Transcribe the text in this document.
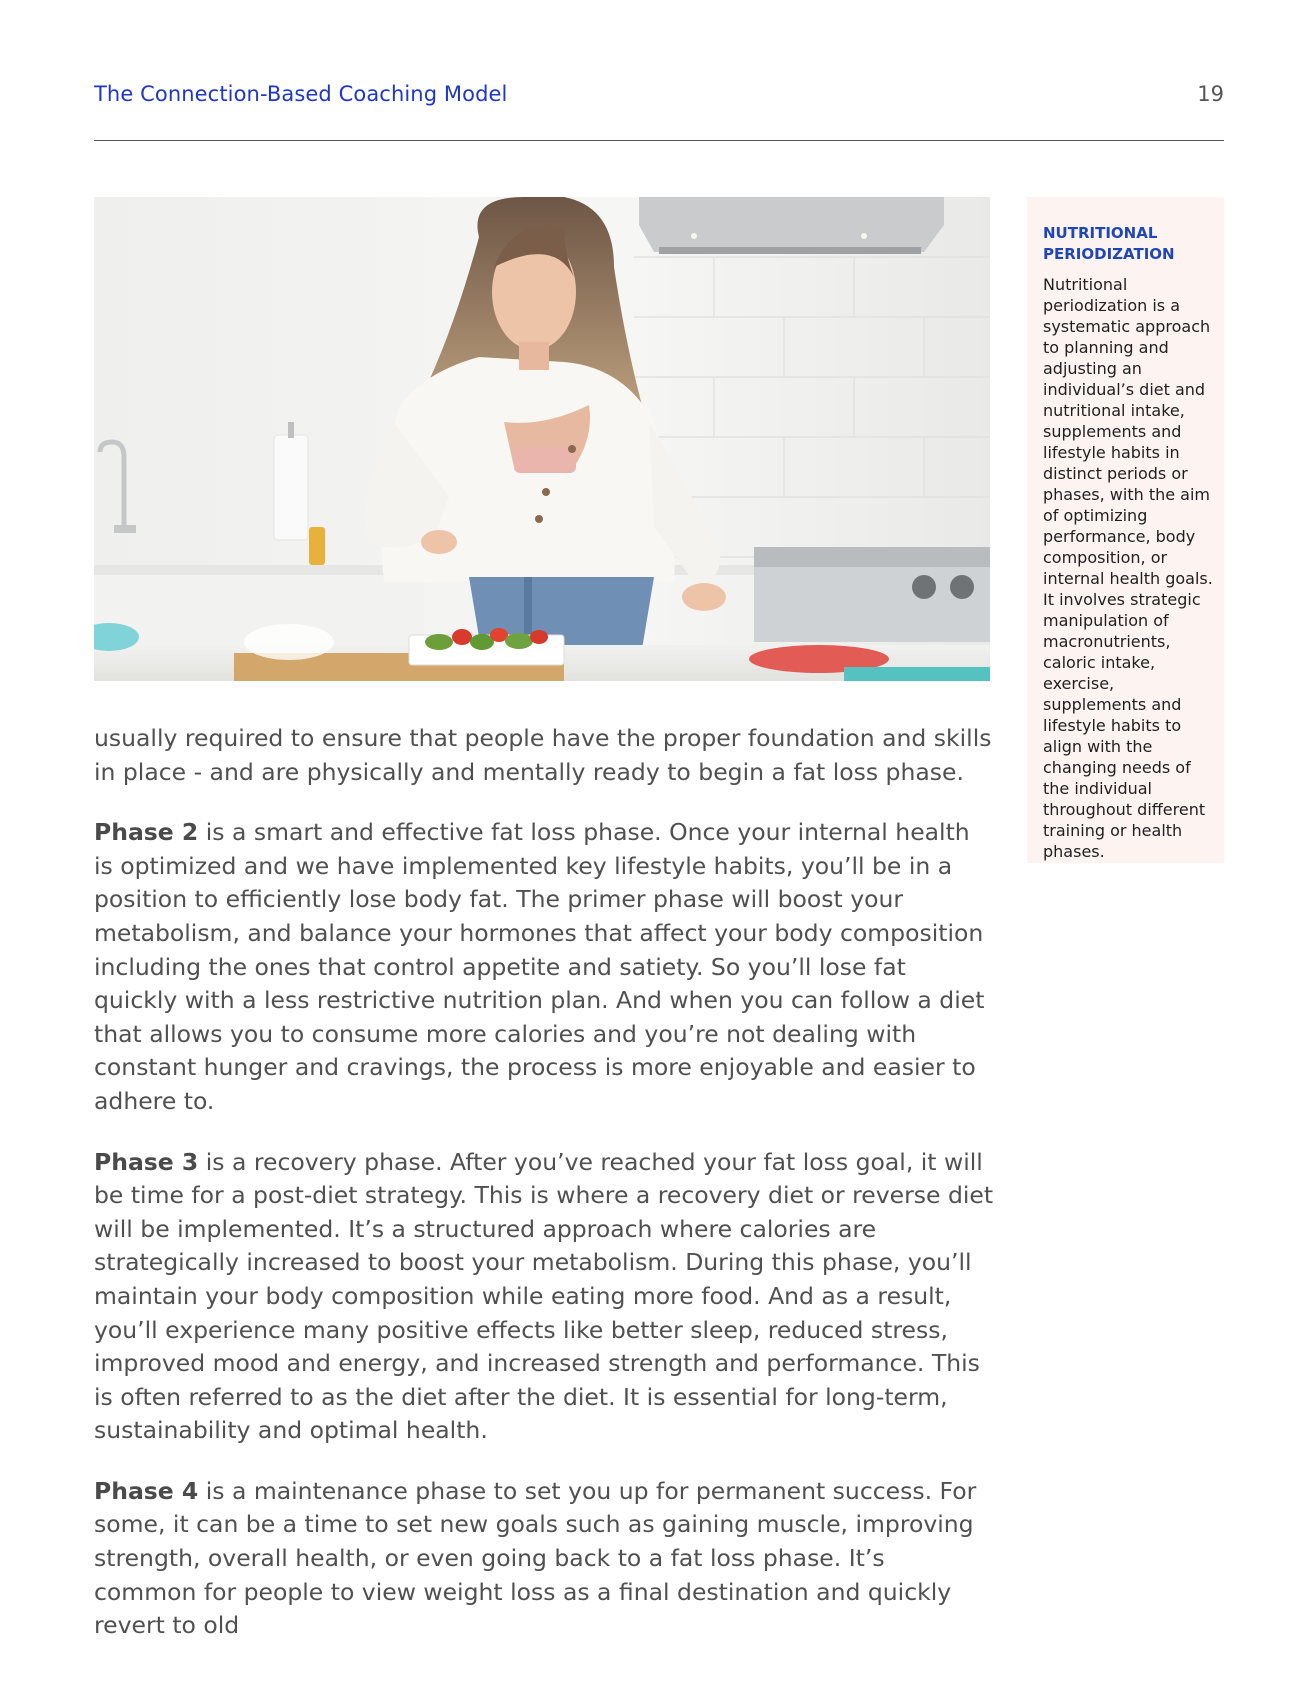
The Connection-Based Coaching Model	19
NUTRITIONAL PERIODIZATION

Nutritional periodization is a systematic approach to planning and adjusting an individual’s diet and nutritional intake, supplements and lifestyle habits in distinct periods or phases, with the aim of optimizing performance, body composition, or internal health goals. It involves strategic manipulation of macronutrients, caloric intake, exercise, supplements and lifestyle habits to align with the changing needs of the individual throughout different training or health phases.

usually required to ensure that people have the proper foundation and skills in place - and are physically and mentally ready to begin a fat loss phase.

Phase 2 is a smart and effective fat loss phase. Once your internal health is optimized and we have implemented key lifestyle habits, you’ll be in a position to efficiently lose body fat. The primer phase will boost your metabolism, and balance your hormones that affect your body composition including the ones that control appetite and satiety. So you’ll lose fat quickly with a less restrictive nutrition plan. And when you can follow a diet that allows you to consume more calories and you’re not dealing with constant hunger and cravings, the process is more enjoyable and easier to adhere to.

Phase 3 is a recovery phase. After you’ve reached your fat loss goal, it will be time for a post-diet strategy. This is where a recovery diet or reverse diet will be implemented. It’s a structured approach where calories are strategically increased to boost your metabolism. During this phase, you’ll maintain your body composition while eating more food. And as a result, you’ll experience many positive effects like better sleep, reduced stress, improved mood and energy, and increased strength and performance. This is often referred to as the diet after the diet. It is essential for long-term, sustainability and optimal health.

Phase 4 is a maintenance phase to set you up for permanent success. For some, it can be a time to set new goals such as gaining muscle, improving strength, overall health, or even going back to a fat loss phase. It’s common for people to view weight loss as a final destination and quickly revert to old
